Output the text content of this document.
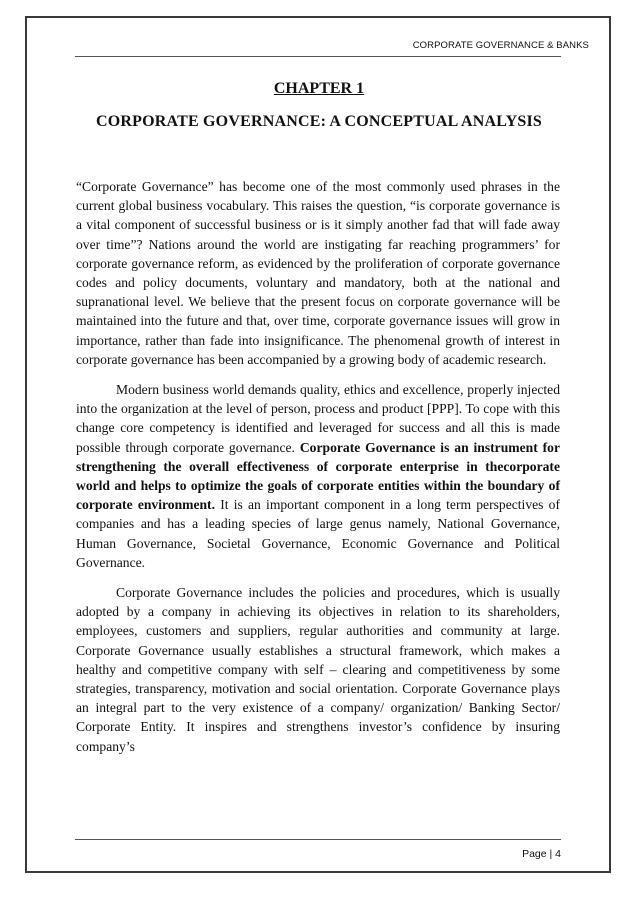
CORPORATE GOVERNANCE & BANKS
CHAPTER 1
CORPORATE GOVERNANCE: A CONCEPTUAL ANALYSIS

“Corporate Governance” has become one of the most commonly used phrases in the current global business vocabulary. This raises the question, “is corporate governance is a vital component of successful business or is it simply another fad that will fade away over time”? Nations around the world are instigating far reaching programmers’ for corporate governance reform, as evidenced by the proliferation of corporate governance codes and policy documents, voluntary and mandatory, both at the national and supranational level. We believe that the present focus on corporate governance will be maintained into the future and that, over time, corporate governance issues will grow in importance, rather than fade into insignificance. The phenomenal growth of interest in corporate governance has been accompanied by a growing body of academic research.

Modern business world demands quality, ethics and excellence, properly injected into the organization at the level of person, process and product [PPP]. To cope with this change core competency is identified and leveraged for success and all this is made possible through corporate governance. Corporate Governance is an instrument for strengthening the overall effectiveness of corporate enterprise in thecorporate world and helps to optimize the goals of corporate entities within the boundary of corporate environment. It is an important component in a long term perspectives of companies and has a leading species of large genus namely, National Governance, Human Governance, Societal Governance, Economic Governance and Political Governance.

Corporate Governance includes the policies and procedures, which is usually adopted by a company in achieving its objectives in relation to its shareholders, employees, customers and suppliers, regular authorities and community at large. Corporate Governance usually establishes a structural framework, which makes a healthy and competitive company with self – clearing and competitiveness by some strategies, transparency, motivation and social orientation. Corporate Governance plays an integral part to the very existence of a company/ organization/ Banking Sector/ Corporate Entity. It inspires and strengthens investor’s confidence by insuring company’s

Page | 4
